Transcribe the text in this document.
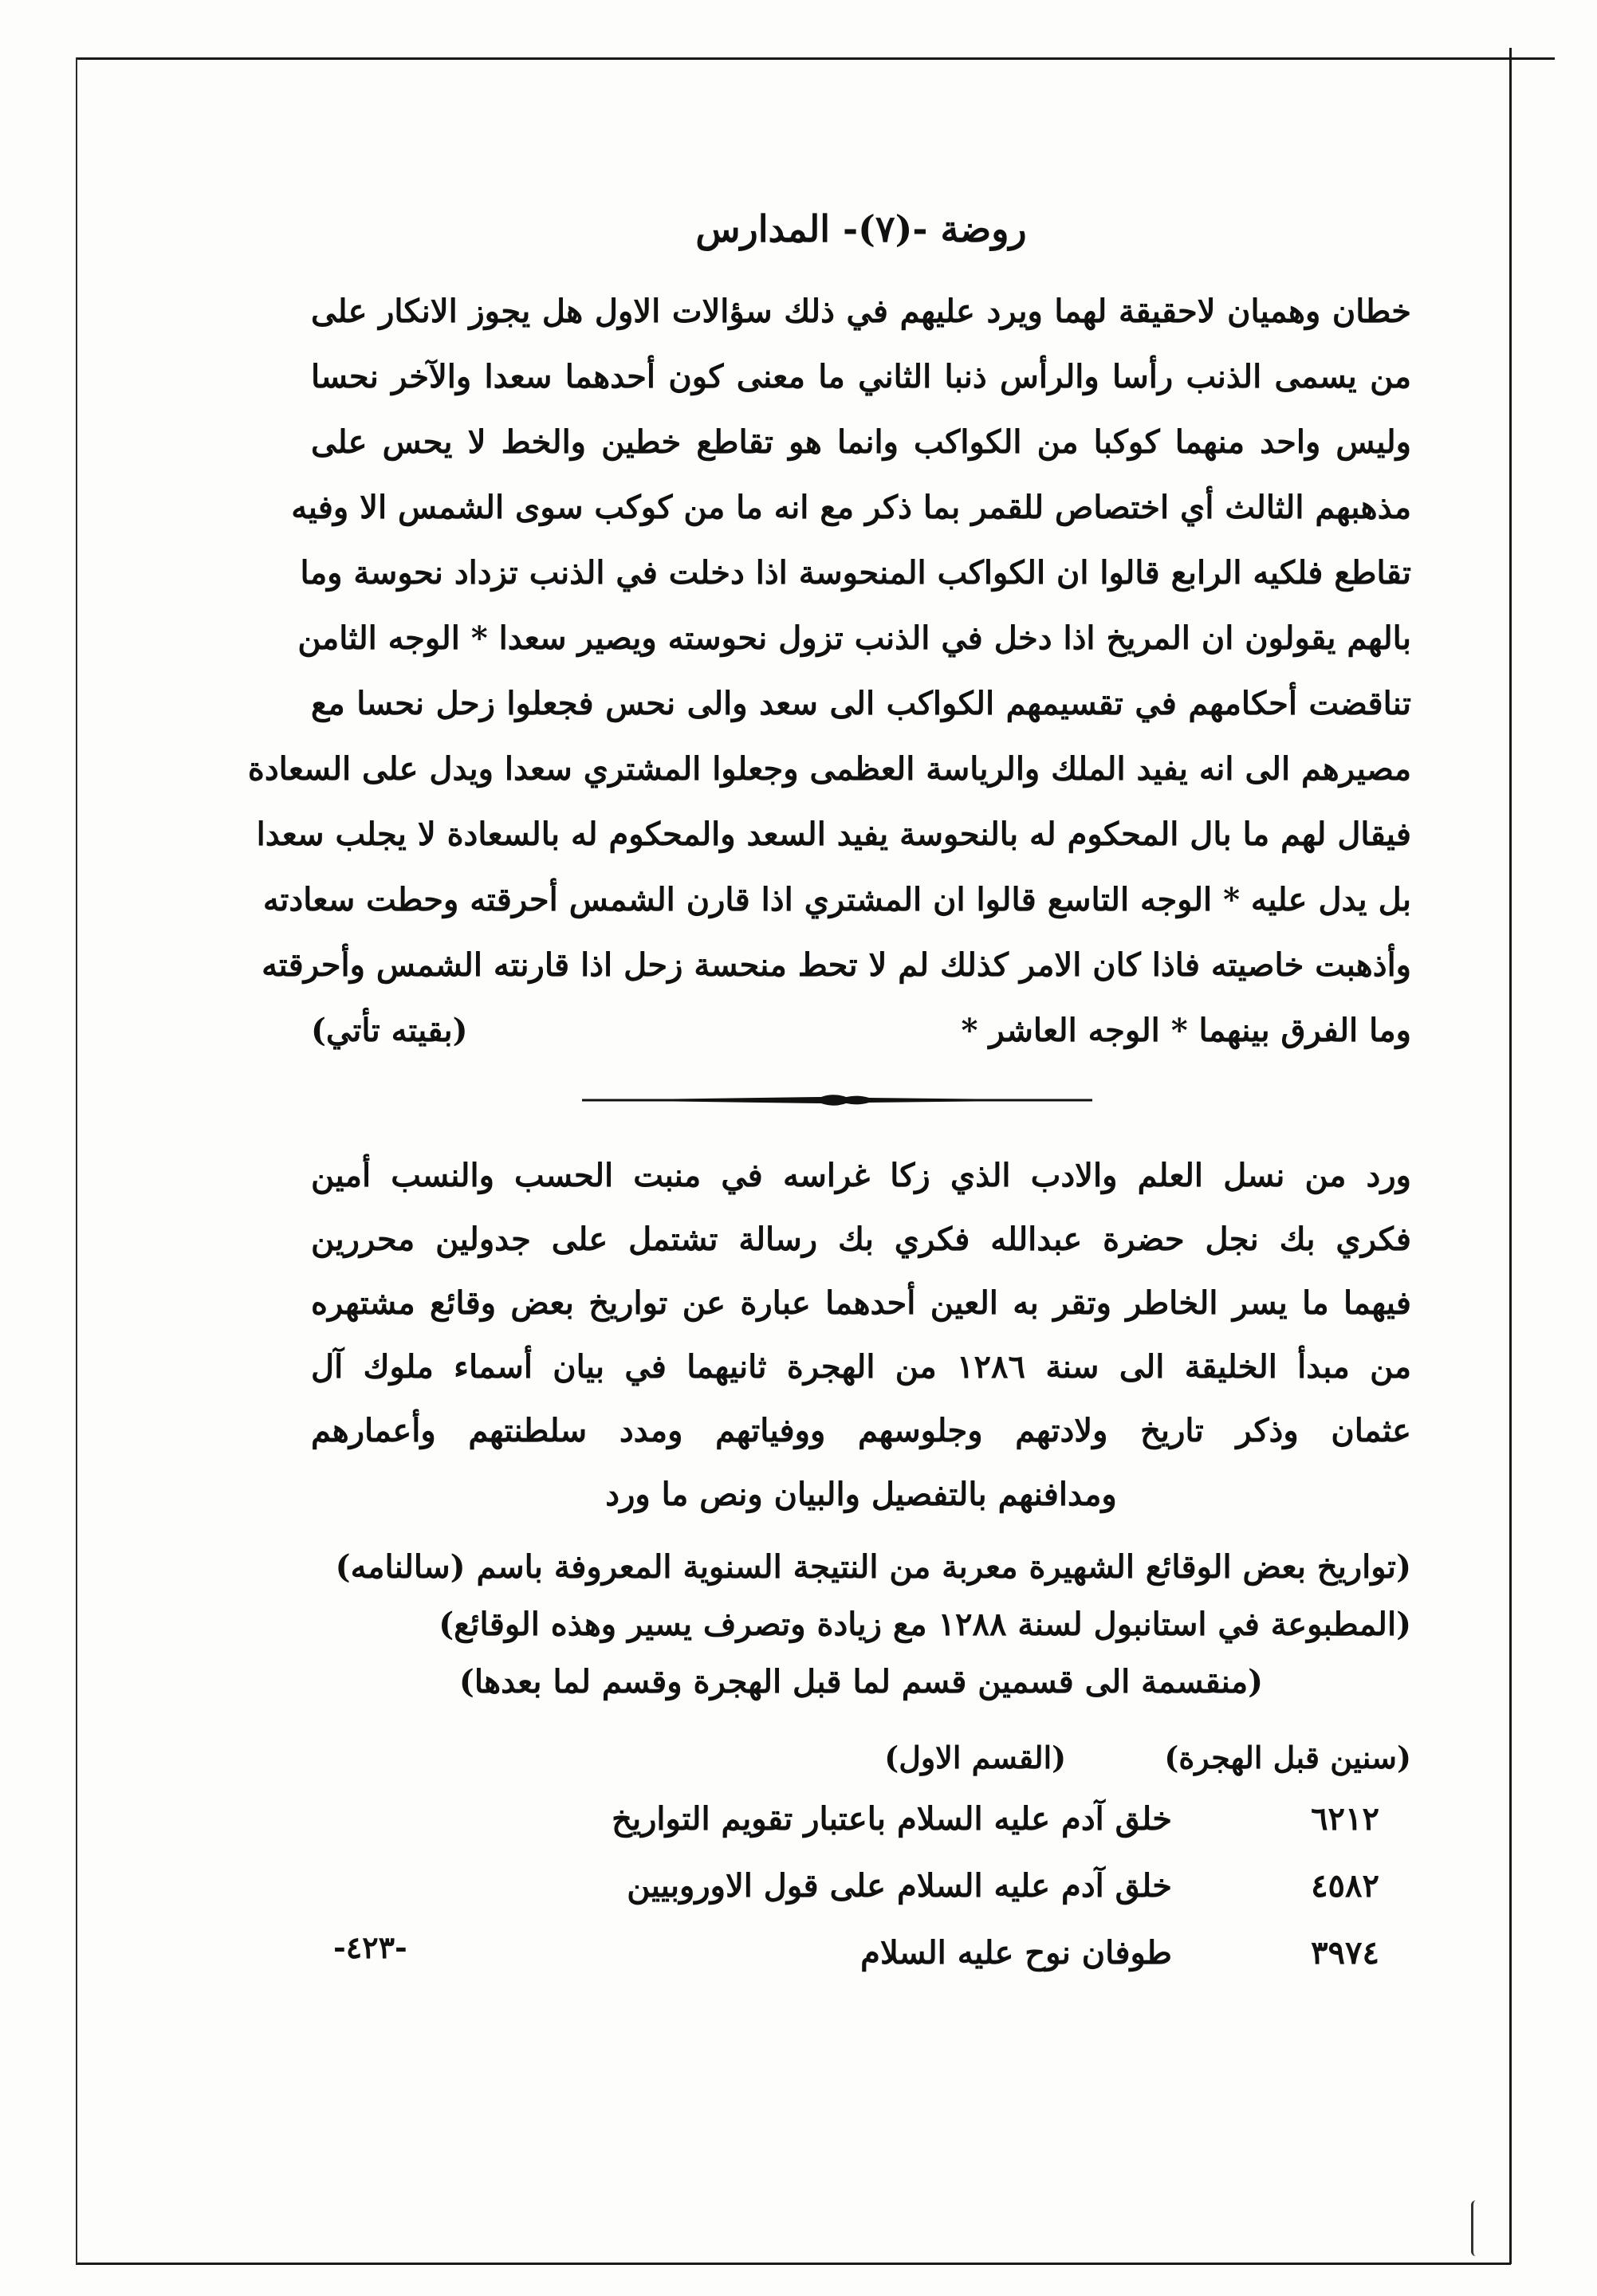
روضة -(٧)- المدارس
خطان وهميان لاحقيقة لهما ويرد عليهم في ذلك سؤالات الاول هل يجوز الانكار على
من يسمى الذنب رأسا والرأس ذنبا الثاني ما معنى كون أحدهما سعدا والآخر نحسا
وليس واحد منهما كوكبا من الكواكب وانما هو تقاطع خطين والخط لا يحس على
مذهبهم الثالث أي اختصاص للقمر بما ذكر مع انه ما من كوكب سوى الشمس الا وفيه
تقاطع فلكيه الرابع قالوا ان الكواكب المنحوسة اذا دخلت في الذنب تزداد نحوسة وما
بالهم يقولون ان المريخ اذا دخل في الذنب تزول نحوسته ويصير سعدا * الوجه الثامن
تناقضت أحكامهم في تقسيمهم الكواكب الى سعد والى نحس فجعلوا زحل نحسا مع
مصيرهم الى انه يفيد الملك والرياسة العظمى وجعلوا المشتري سعدا ويدل على السعادة
فيقال لهم ما بال المحكوم له بالنحوسة يفيد السعد والمحكوم له بالسعادة لا يجلب سعدا
بل يدل عليه * الوجه التاسع قالوا ان المشتري اذا قارن الشمس أحرقته وحطت سعادته
وأذهبت خاصيته فاذا كان الامر كذلك لم لا تحط منحسة زحل اذا قارنته الشمس وأحرقته
وما الفرق بينهما * الوجه العاشر *
(بقيته تأتي)
ورد من نسل العلم والادب الذي زكا غراسه في منبت الحسب والنسب أمين
فكري بك نجل حضرة عبدالله فكري بك رسالة تشتمل على جدولين محررين
فيهما ما يسر الخاطر وتقر به العين أحدهما عبارة عن تواريخ بعض وقائع مشتهره
من مبدأ الخليقة الى سنة ١٢٨٦ من الهجرة ثانيهما في بيان أسماء ملوك آل
عثمان وذكر تاريخ ولادتهم وجلوسهم ووفياتهم ومدد سلطنتهم وأعمارهم
ومدافنهم بالتفصيل والبيان ونص ما ورد
(تواريخ بعض الوقائع الشهيرة معربة من النتيجة السنوية المعروفة باسم (سالنامه)
(المطبوعة في استانبول لسنة ١٢٨٨ مع زيادة وتصرف يسير وهذه الوقائع)
(منقسمة الى قسمين قسم لما قبل الهجرة وقسم لما بعدها)
(سنين قبل الهجرة) (القسم الاول)
٦٢١٢
خلق آدم عليه السلام باعتبار تقويم التواريخ
٤٥٨٢
خلق آدم عليه السلام على قول الاوروبيين
٣٩٧٤
طوفان نوح عليه السلام
-٤٢٣-
